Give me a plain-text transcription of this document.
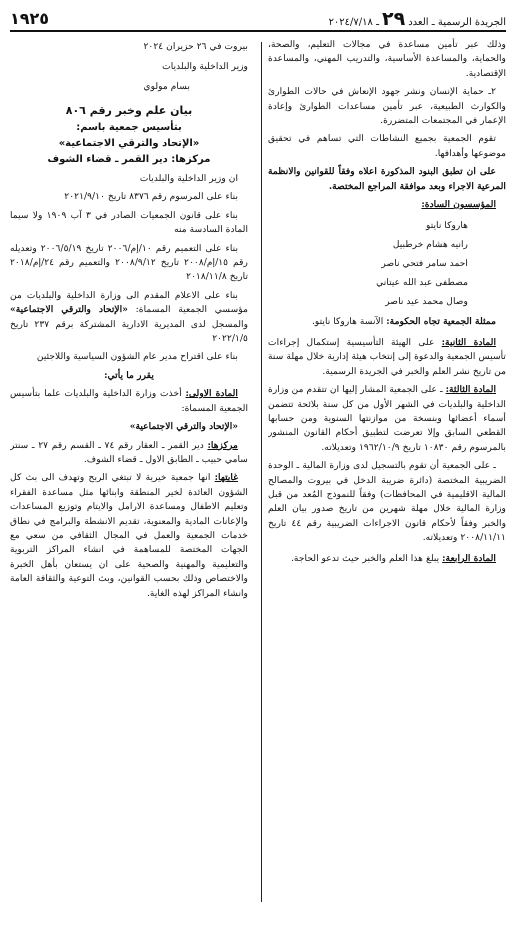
الجريدة الرسمية ـ العدد
٢٩
ـ ٢٠٢٤/٧/١٨
١٩٢٥

وذلك عبر تأمين مساعدة في مجالات التعليم، والصحة، والحماية، والمساعدة الأساسية، والتدريب المهني، والمساعدة الإقتصادية.

٢ـ حماية الإنسان ونشر جهود الإنعاش في حالات الطوارئ والكوارث الطبيعية، عبر تأمين مساعدات الطوارئ وإعادة الإعمار في المجتمعات المتضررة.

تقوم الجمعية بجميع النشاطات التي تساهم في تحقيق موضوعها وأهدافها.

على ان تطبق البنود المذكورة اعلاه وفقاً للقوانين والانظمة المرعية الاجراء وبعد موافقة المراجع المختصة.

المؤسسون السادة:

هاروكا نايتو
رانيه هشام خرطبيل
احمد سامر فتحي ناصر
مصطفى عبد الله عيتاني
وصال محمد عيد ناصر

ممثلة الجمعية تجاه الحكومة: الآنسة هاروكا نايتو.

المادة الثانية: على الهيئة التأسيسية إستكمال إجراءات تأسيس الجمعية والدعوة إلى إنتخاب هيئة إدارية خلال مهلة سنة من تاريخ نشر العلم والخبر في الجريدة الرسمية.

المادة الثالثة: ـ على الجمعية المشار إليها ان تتقدم من وزارة الداخلية والبلديات في الشهر الأول من كل سنة بلائحة تتضمن أسماء أعضائها وبنسخة من موازنتها السنوية ومن حسابها القطعي السابق وإلا تعرضت لتطبيق أحكام القانون المنشور بالمرسوم رقم ١٠٨٣٠ تاريخ ١٩٦٢/١٠/٩ وتعديلاته.

ـ على الجمعية أن تقوم بالتسجيل لدى وزارة المالية ـ الوحدة الضريبية المختصة (دائرة ضريبة الدخل في بيروت والمصالح المالية الاقليمية في المحافظات) وفقاً للنموذج المُعد من قبل وزارة المالية خلال مهلة شهرين من تاريخ صدور بيان العلم والخبر وفقاً لأحكام قانون الاجراءات الضريبية رقم ٤٤ تاريخ ٢٠٠٨/١١/١١ وتعديلاته.

المادة الرابعة: يبلغ هذا العلم والخبر حيث تدعو الحاجة.

بيروت في ٢٦ حزيران ٢٠٢٤

وزير الداخلية والبلديات

بسام مولوي

بيان علم وخبر رقم ٨٠٦
بتأسيس جمعية باسم:
«الإتحاد والترقي الاجتماعية»
مركزها: دير القمر ـ قضاء الشوف

ان وزير الداخلية والبلديات

بناء على المرسوم رقم ٨٣٧٦ تاريخ ٢٠٢١/٩/١٠

بناء على قانون الجمعيات الصادر في ٣ آب ١٩٠٩ ولا سيما المادة السادسة منه

بناء على التعميم رقم ١٠/إم/٢٠٠٦ تاريخ ٢٠٠٦/٥/١٩ وتعديله رقم ١٥/إم/٢٠٠٨ تاريخ ٢٠٠٨/٩/١٢ والتعميم رقم ٢٤/إم/٢٠١٨ تاريخ ٢٠١٨/١١/٨

بناء على الاعلام المقدم الى وزارة الداخلية والبلديات من مؤسسي الجمعية المسماة: «الإتحاد والترقي الاجتماعية» والمسجل لدى المديرية الادارية المشتركة برقم ٢٣٧ تاريخ ٢٠٢٢/١/٥

بناء على اقتراح مدير عام الشؤون السياسية واللاجئين

يقرر ما يأتي:

المادة الاولى: أخذت وزارة الداخلية والبلديات علما بتأسيس الجمعية المسماة:

«الإتحاد والترقي الاجتماعية»

مركزها: دير القمر ـ العقار رقم ٧٤ ـ القسم رقم ٢٧ ـ سنتر سامي حبيب ـ الطابق الاول ـ قضاء الشوف.

غايتها: انها جمعية خيرية لا تبتغي الربح وتهدف الى بث كل الشؤون العائدة لخير المنطقة وابنائها مثل مساعدة الفقراء وتعليم الاطفال ومساعدة الارامل والايتام وتوزيع المساعدات والإعانات المادية والمعنوية، تقديم الانشطة والبرامج في نطاق خدمات الجمعية والعمل في المجال الثقافي من سعي مع الجهات المختصة للمساهمة في انشاء المراكز التربوية والتعليمية والمهنية والصحية على ان يستعان بأهل الخبرة والاختصاص وذلك بحسب القوانين، وبث التوعية والثقافة العامة وانشاء المراكز لهذه الغاية.
